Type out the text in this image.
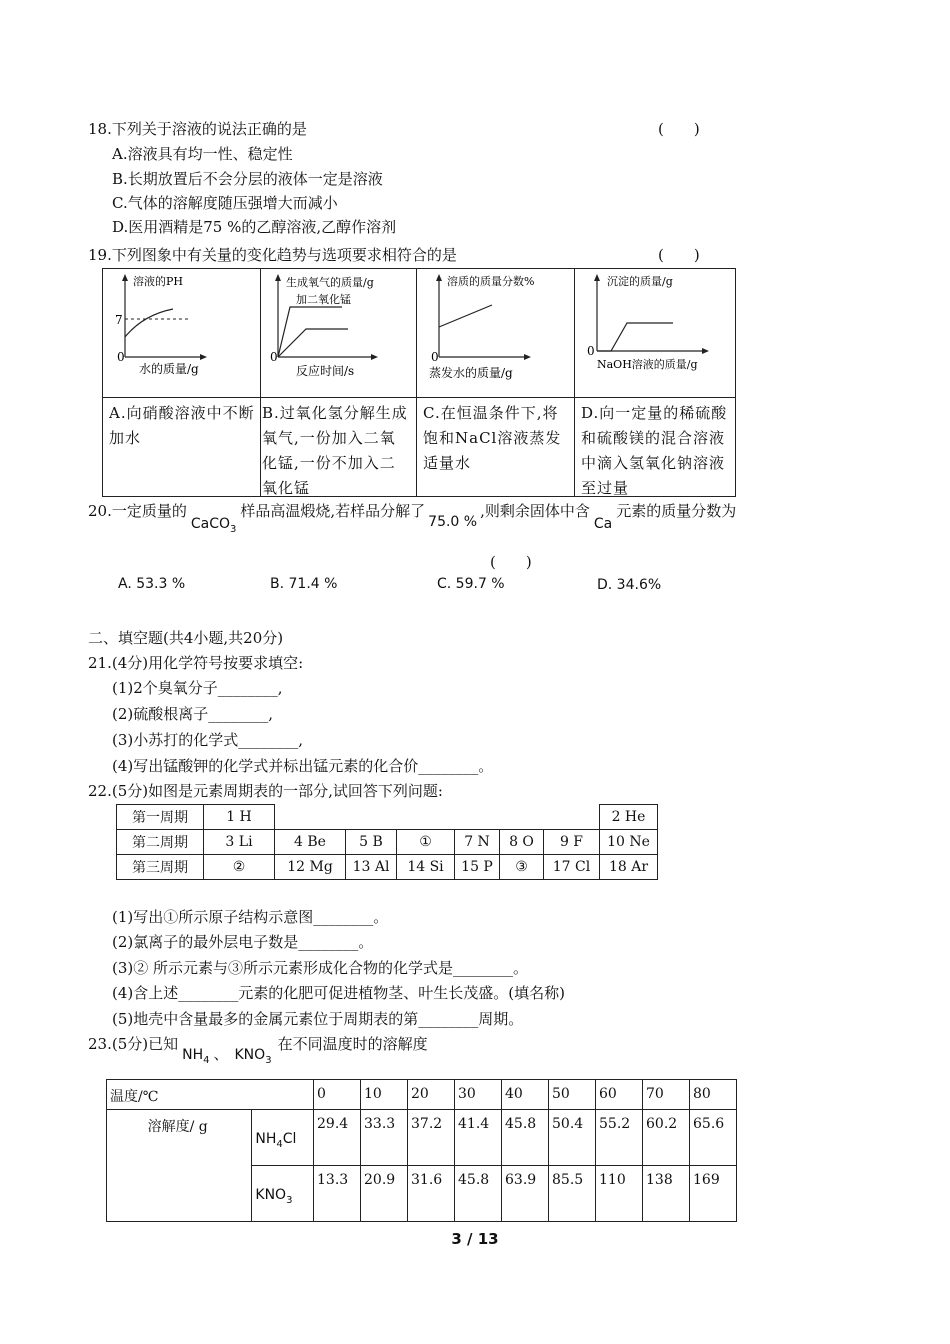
18.下列关于溶液的说法正确的是	(　　)
A.溶液具有均一性、稳定性
B.长期放置后不会分层的液体一定是溶液
C.气体的溶解度随压强增大而减小
D.医用酒精是75 %的乙醇溶液,乙醇作溶剂
19.下列图象中有关量的变化趋势与选项要求相符合的是	(　　)
溶液的PH
7
0
水的质量/g
A.向硝酸溶液中不断加水
生成氧气的质量/g
加二氧化锰
0
反应时间/s
B.过氧化氢分解生成氧气,一份加入二氧化锰,一份不加入二氧化锰
溶质的质量分数%
0
蒸发水的质量/g
C.在恒温条件下,将饱和NaCl溶液蒸发适量水
沉淀的质量/g
0
NaOH溶液的质量/g
D.向一定量的稀硫酸和硫酸镁的混合溶液中滴入氢氧化钠溶液至过量
20.一定质量的CaCO$_3$样品高温煅烧,若样品分解了75.0 %,则剩余固体中含Ca元素的质量分数为
(　　)
A. 53.3 %	B. 71.4 %	C. 59.7 %	D. 34.6%
二、填空题(共4小题,共20分)
21.(4分)用化学符号按要求填空:
(1)2个臭氧分子________,
(2)硫酸根离子________,
(3)小苏打的化学式________,
(4)写出锰酸钾的化学式并标出锰元素的化合价________。
22.(5分)如图是元素周期表的一部分,试回答下列问题:
第一周期	1 H							2 He
第二周期	3 Li	4 Be	5 B	①	7 N	8 O	9 F	10 Ne
第三周期	②	12 Mg	13 Al	14 Si	15 P	③	17 Cl	18 Ar
(1)写出①所示原子结构示意图________。
(2)氯离子的最外层电子数是________。
(3)② 所示元素与③所示元素形成化合物的化学式是________。
(4)含上述________元素的化肥可促进植物茎、叶生长茂盛。(填名称)
(5)地壳中含量最多的金属元素位于周期表的第________周期。
23.(5分)已知$NH_4$ 、 $KNO_3$在不同温度时的溶解度
温度/℃		0	10	20	30	40	50	60	70	80
溶解度/ g	$NH_4Cl$	29.4	33.3	37.2	41.4	45.8	50.4	55.2	60.2	65.6
	$KNO_3$	13.3	20.9	31.6	45.8	63.9	85.5	110	138	169
3 / 13
